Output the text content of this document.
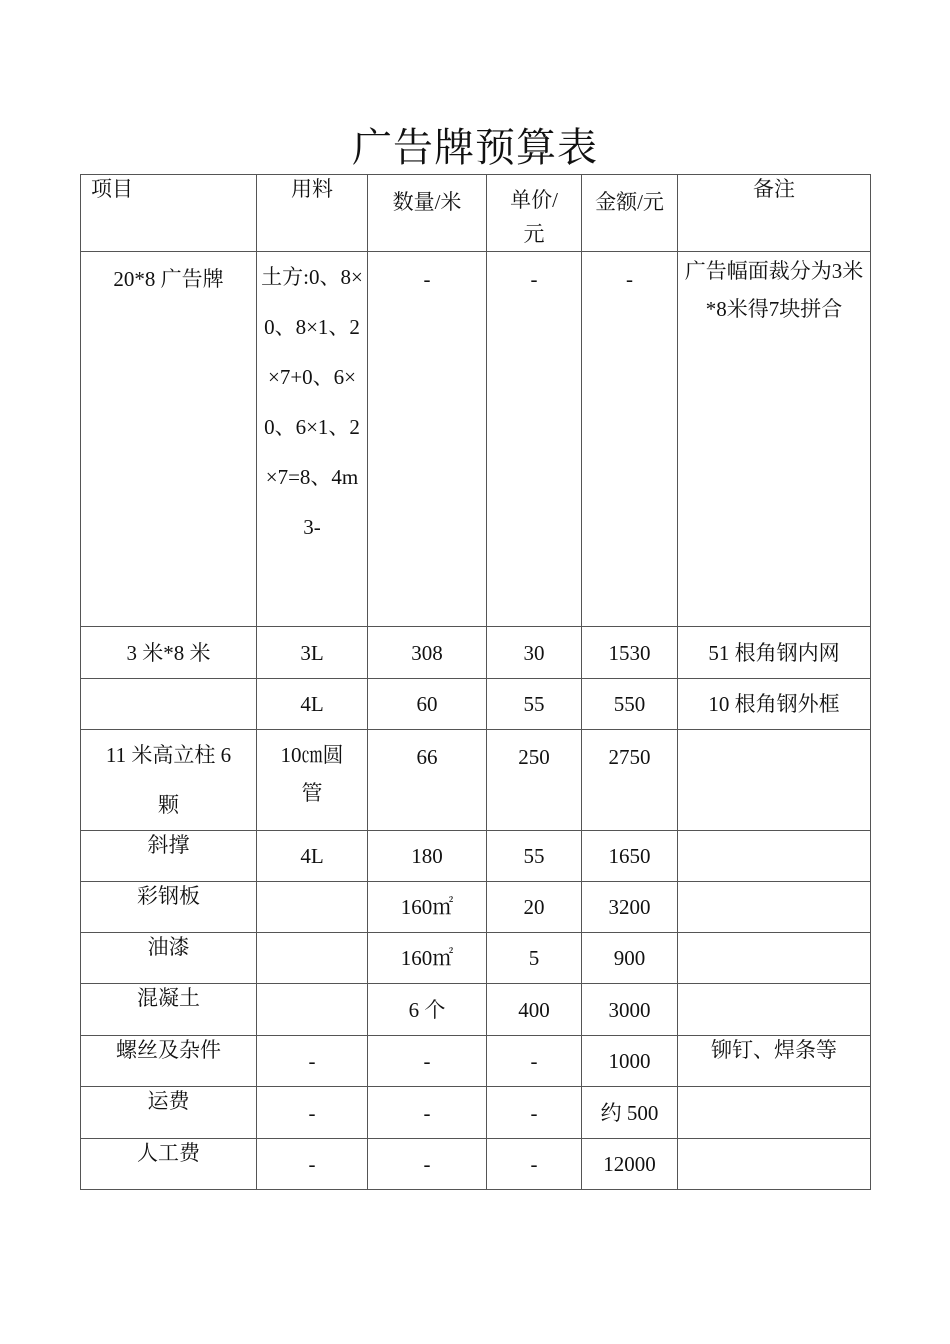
广告牌预算表
项目	用料	数量/米	单价/元	金额/元	备注
20*8 广告牌	土方:0、8×0、8×1、2×7+0、6×0、6×1、2×7=8、4m3-	-	-	-	广告幅面裁分为3米*8米得7块拼合
3 米*8 米	3L	308	30	1530	51 根角钢内网
	4L	60	55	550	10 根角钢外框
11 米高立柱 6 颗	10㎝圆管	66	250	2750	
斜撑	4L	180	55	1650	
彩钢板		160㎡	20	3200	
油漆		160㎡	5	900	
混凝土		6 个	400	3000	
螺丝及杂件	-	-	-	1000	铆钉、焊条等
运费	-	-	-	约 500	
人工费	-	-	-	12000	
